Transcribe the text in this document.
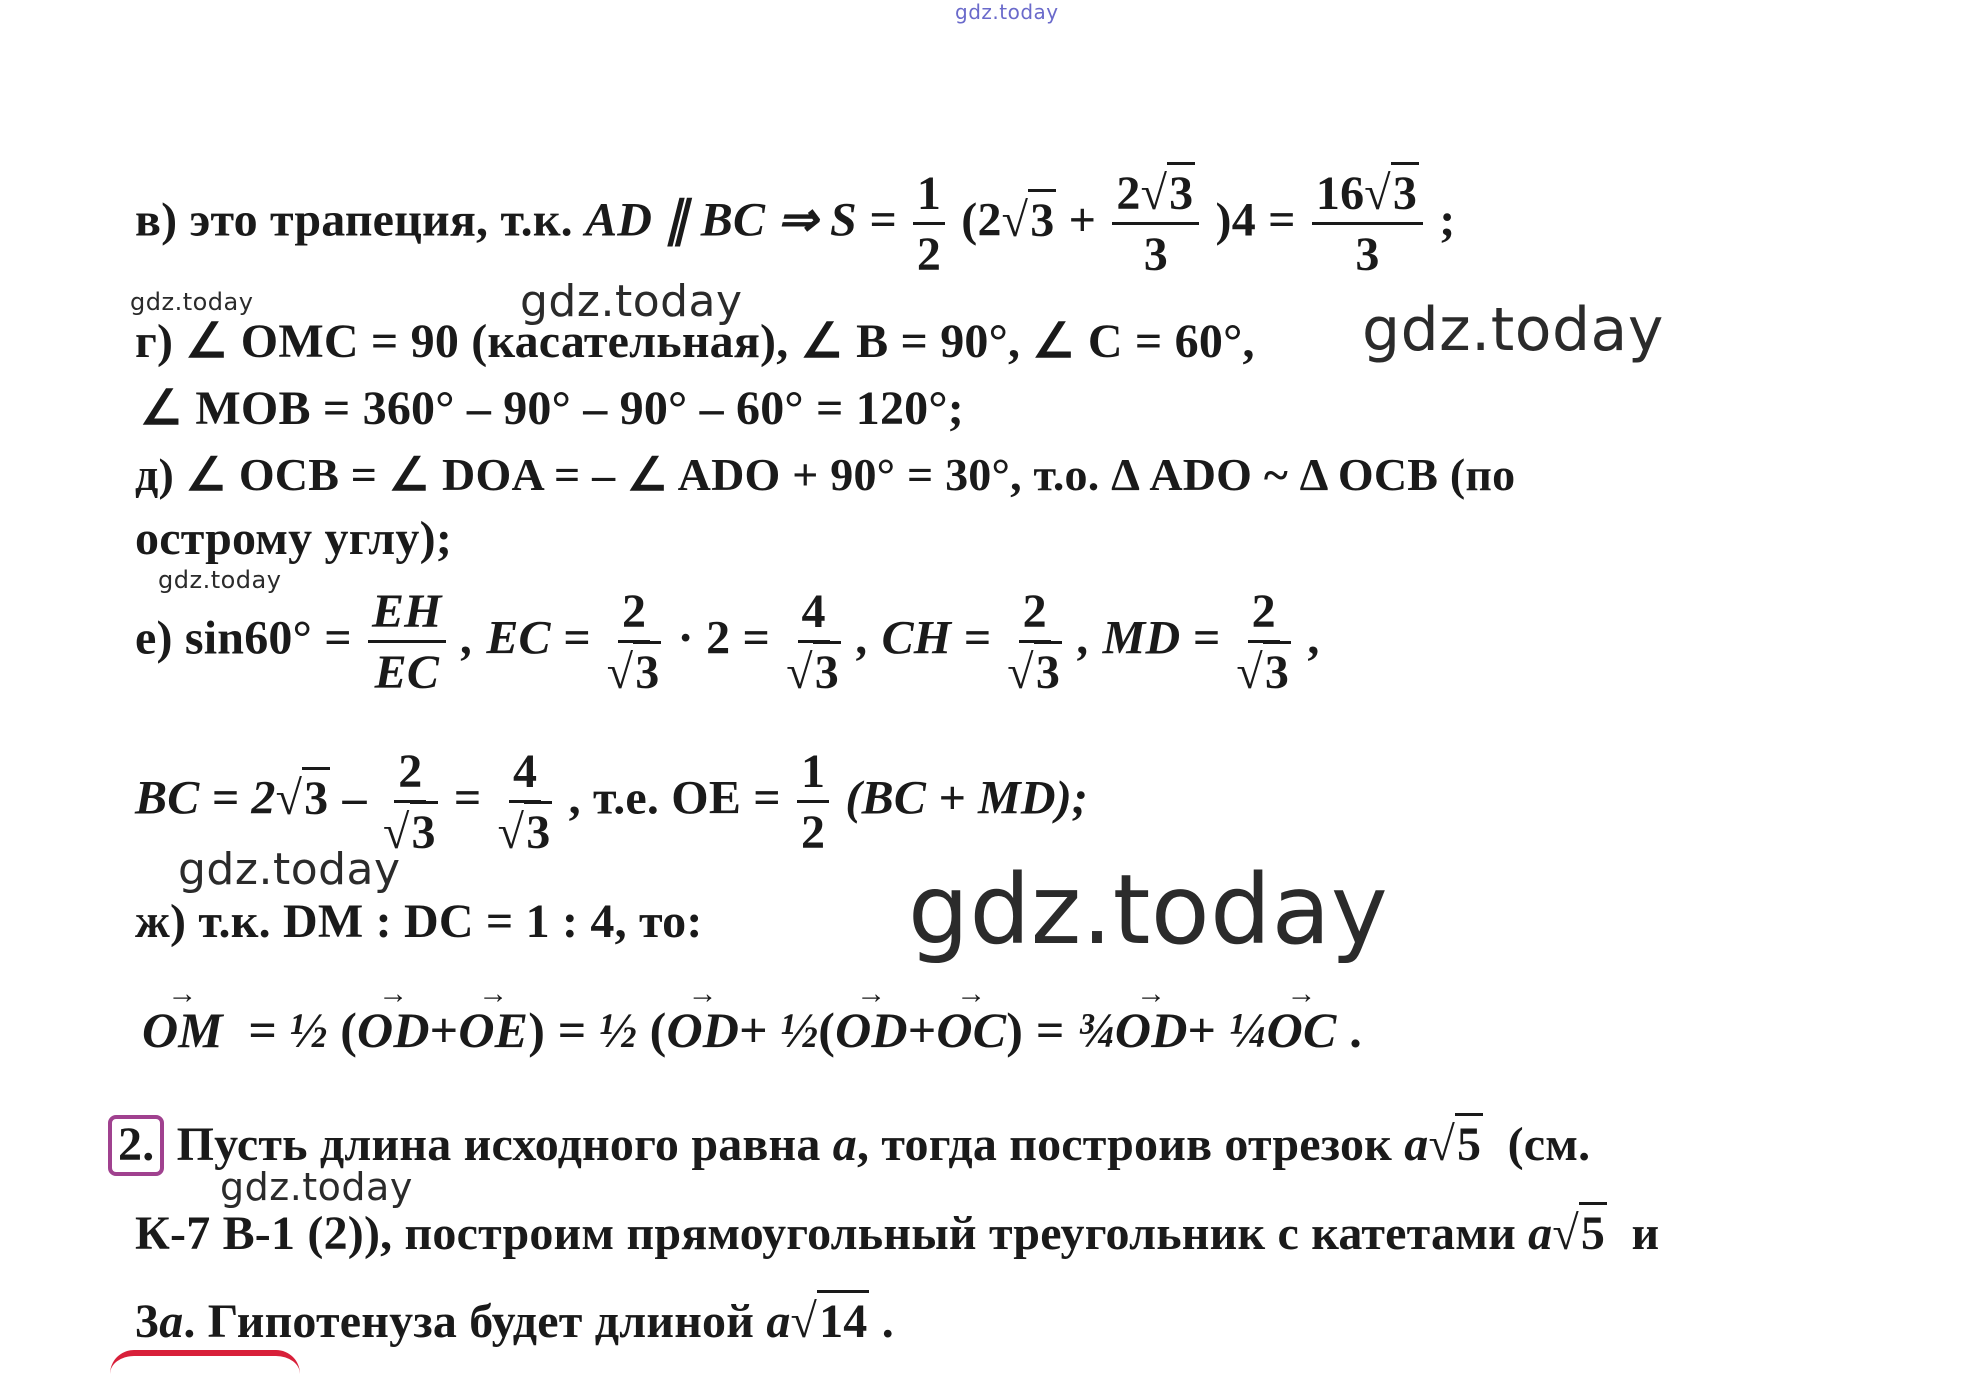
gdz.today
gdz.today	gdz.today	gdz.today
gdz.today
gdz.today	gdz.today
gdz.today
в) это трапеция, т.к. AD ∥ BC ⇒ $S = \frac{1}{2} (2√3 + \frac{2√3}{3} )4 = \frac{16√3}{3}$ ;
г) ∠ OMC = 90 (касательная), ∠ B = 90°, ∠ C = 60°,
∠ MOB = 360° – 90° – 90° – 60° = 120°;
д) ∠ OCB = ∠ DOA = – ∠ ADO + 90° = 30°, т.о. Δ ADO ~ Δ OCB (по
острому углу);
е) $\sin 60^\circ = \frac{EH}{EC}$ , EC = $\frac{2}{√3} \cdot 2 = \frac{4}{√3}$ , CH = $\frac{2}{√3}$ , MD = $\frac{2}{√3}$ ,
BC = $2√3 - \frac{2}{√3} = \frac{4}{√3}$ , т.е. OE = $\frac{1}{2} (BC + MD)$;
ж) т.к. DM : DC = 1 : 4, то:
→ OM = ½ (→ OD+→ OE) = ½ (→ OD+ ½(→ OD+→ OC) = ¾→ OD+ ¼→ OC .
2. Пусть длина исходного равна a, тогда построив отрезок a√5 (см.
К-7 В-1 (2)), построим прямоугольный треугольник с катетами a√5 и
3a. Гипотенуза будет длиной a√14 .
